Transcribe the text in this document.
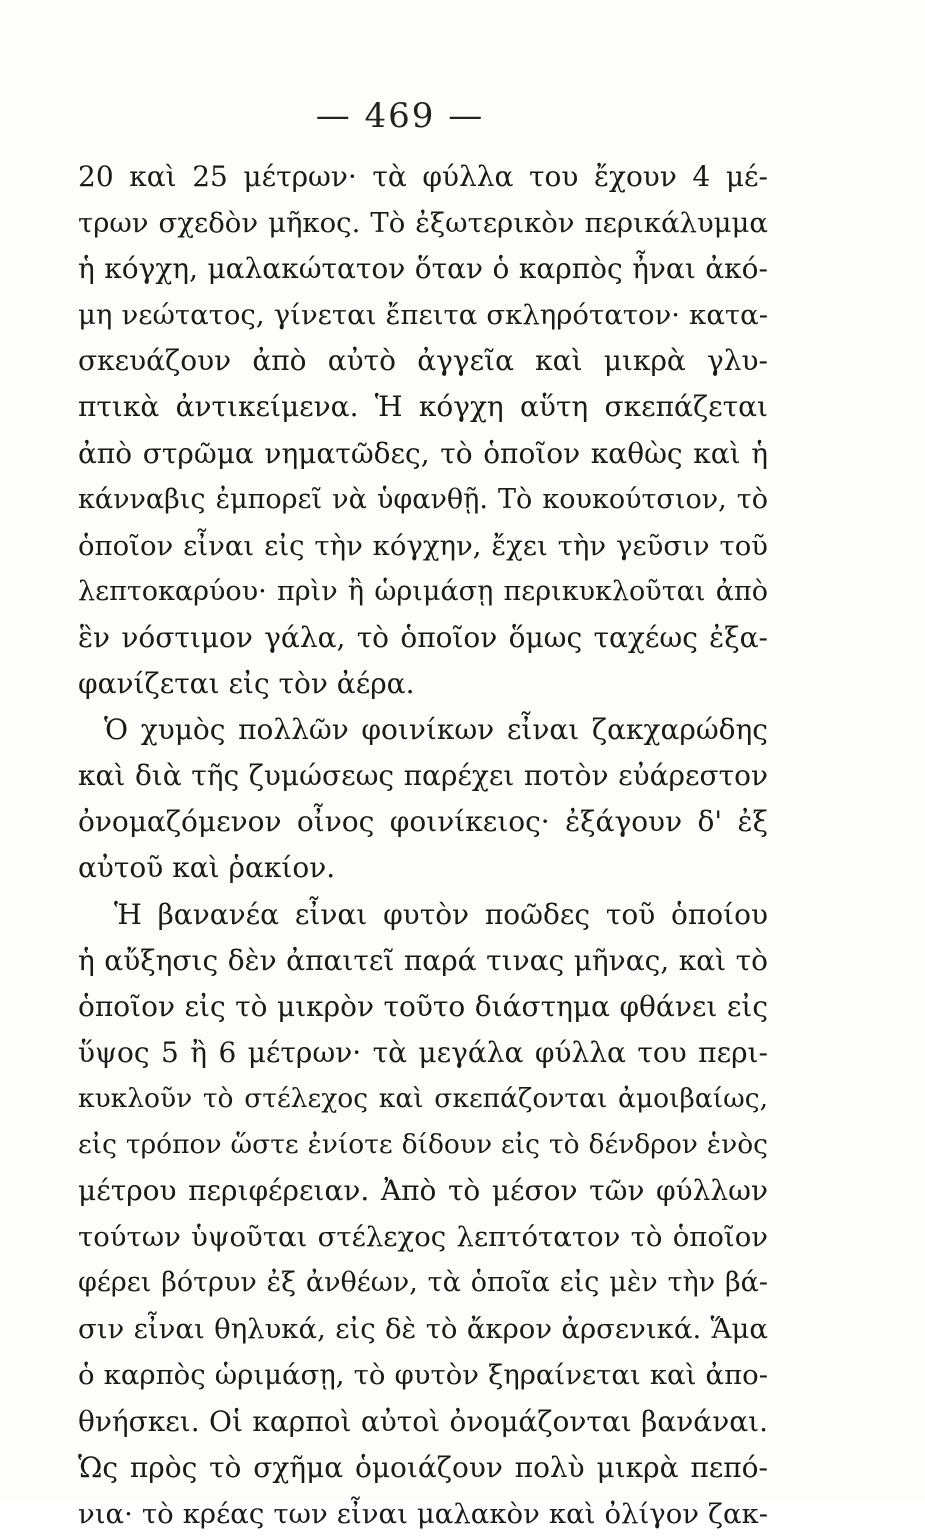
— 469 —
20 καὶ 25 μέτρων· τὰ φύλλα του ἔχουν 4 μέ-
τρων σχεδὸν μῆκος. Τὸ ἐξωτερικὸν περικάλυμμα
ἡ κόγχη, μαλακώτατον ὅταν ὁ καρπὸς ἦναι ἀκό-
μη νεώτατος, γίνεται ἔπειτα σκληρότατον· κατα-
σκευάζουν ἀπὸ αὐτὸ ἀγγεῖα καὶ μικρὰ γλυ-
πτικὰ ἀντικείμενα. Ἡ κόγχη αὕτη σκεπάζεται
ἀπὸ στρῶμα νηματῶδες, τὸ ὁποῖον καθὼς καὶ ἡ
κάνναβις ἐμπορεῖ νὰ ὑφανθῇ. Τὸ κουκούτσιον, τὸ
ὁποῖον εἶναι εἰς τὴν κόγχην, ἔχει τὴν γεῦσιν τοῦ
λεπτοκαρύου· πρὶν ἢ ὡριμάσῃ περικυκλοῦται ἀπὸ
ἓν νόστιμον γάλα, τὸ ὁποῖον ὅμως ταχέως ἐξα-
φανίζεται εἰς τὸν ἀέρα.
Ὁ χυμὸς πολλῶν φοινίκων εἶναι ζακχαρώδης
καὶ διὰ τῆς ζυμώσεως παρέχει ποτὸν εὐάρεστον
ὀνομαζόμενον οἶνος φοινίκειος· ἐξάγουν δ' ἐξ
αὐτοῦ καὶ ῥακίον.
Ἡ βανανέα εἶναι φυτὸν ποῶδες τοῦ ὁποίου
ἡ αὔξησις δὲν ἀπαιτεῖ παρά τινας μῆνας, καὶ τὸ
ὁποῖον εἰς τὸ μικρὸν τοῦτο διάστημα φθάνει εἰς
ὕψος 5 ἢ 6 μέτρων· τὰ μεγάλα φύλλα του περι-
κυκλοῦν τὸ στέλεχος καὶ σκεπάζονται ἀμοιβαίως,
εἰς τρόπον ὥστε ἐνίοτε δίδουν εἰς τὸ δένδρον ἑνὸς
μέτρου περιφέρειαν. Ἀπὸ τὸ μέσον τῶν φύλλων
τούτων ὑψοῦται στέλεχος λεπτότατον τὸ ὁποῖον
φέρει βότρυν ἐξ ἀνθέων, τὰ ὁποῖα εἰς μὲν τὴν βά-
σιν εἶναι θηλυκά, εἰς δὲ τὸ ἄκρον ἀρσενικά. Ἅμα
ὁ καρπὸς ὡριμάσῃ, τὸ φυτὸν ξηραίνεται καὶ ἀπο-
θνήσκει. Οἱ καρποὶ αὐτοὶ ὀνομάζονται βανάναι.
Ὡς πρὸς τὸ σχῆμα ὁμοιάζουν πολὺ μικρὰ πεπό-
νια· τὸ κρέας των εἶναι μαλακὸν καὶ ὀλίγον ζακ-
